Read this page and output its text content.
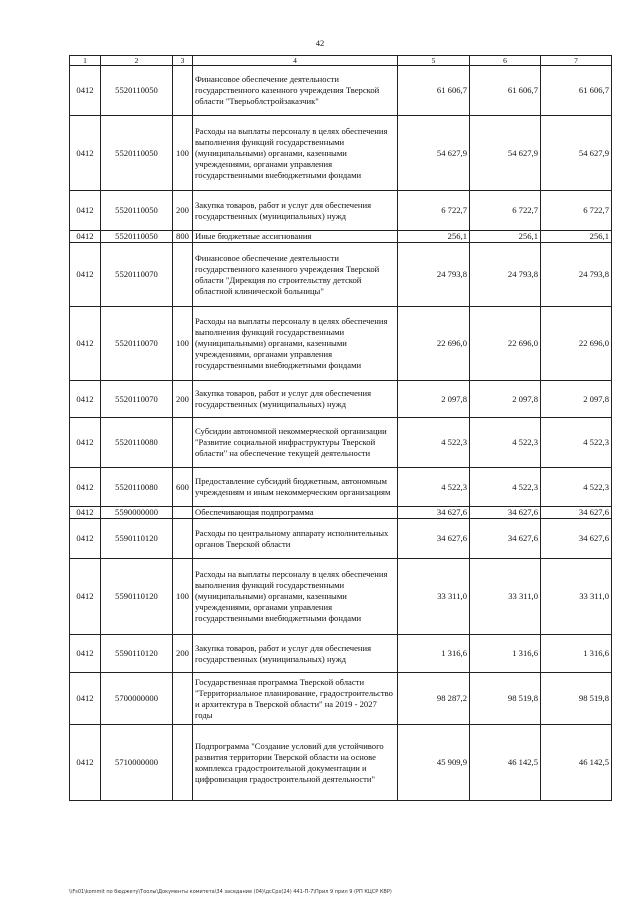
42
1	2	3	4	5	6	7
0412	5520110050		Финансовое обеспечение деятельности государственного казенного учреждения Тверской области "Тверьоблстройзаказчик"	61 606,7	61 606,7	61 606,7
0412	5520110050	100	Расходы на выплаты персоналу в целях обеспечения выполнения функций государственными (муниципальными) органами, казенными учреждениями, органами управления государственными внебюджетными фондами	54 627,9	54 627,9	54 627,9
0412	5520110050	200	Закупка товаров, работ и услуг для обеспечения государственных (муниципальных) нужд	6 722,7	6 722,7	6 722,7
0412	5520110050	800	Иные бюджетные ассигнования	256,1	256,1	256,1
0412	5520110070		Финансовое обеспечение деятельности государственного казенного учреждения Тверской области "Дирекция по строительству детской областной клинической больницы"	24 793,8	24 793,8	24 793,8
0412	5520110070	100	Расходы на выплаты персоналу в целях обеспечения выполнения функций государственными (муниципальными) органами, казенными учреждениями, органами управления государственными внебюджетными фондами	22 696,0	22 696,0	22 696,0
0412	5520110070	200	Закупка товаров, работ и услуг для обеспечения государственных (муниципальных) нужд	2 097,8	2 097,8	2 097,8
0412	5520110080		Субсидии автономной некоммерческой организации "Развитие социальной инфраструктуры Тверской области" на обеспечение текущей деятельности	4 522,3	4 522,3	4 522,3
0412	5520110080	600	Предоставление субсидий бюджетным, автономным учреждениям и иным некоммерческим организациям	4 522,3	4 522,3	4 522,3
0412	5590000000		Обеспечивающая подпрограмма	34 627,6	34 627,6	34 627,6
0412	5590110120		Расходы по центральному аппарату исполнительных органов Тверской области	34 627,6	34 627,6	34 627,6
0412	5590110120	100	Расходы на выплаты персоналу в целях обеспечения выполнения функций государственными (муниципальными) органами, казенными учреждениями, органами управления государственными внебюджетными фондами	33 311,0	33 311,0	33 311,0
0412	5590110120	200	Закупка товаров, работ и услуг для обеспечения государственных (муниципальных) нужд	1 316,6	1 316,6	1 316,6
0412	5700000000		Государственная программа Тверской области "Территориальное планирование, градостроительство и архитектура в Тверской области" на 2019 - 2027 годы	98 287,2	98 519,8	98 519,8
0412	5710000000		Подпрограмма "Создание условий для устойчивого развития территории Тверской области на основе комплекса градостроительной документации и цифровизация градостроительной деятельности"	45 909,9	46 142,5	46 142,5
\\Fs01\kommit по бюджету\Тоолы\Документы комитета\34 заседание (04)\дсСрх(24) 441-П-7\Прил 9 прил 9 (РП КЦСР КВР)
